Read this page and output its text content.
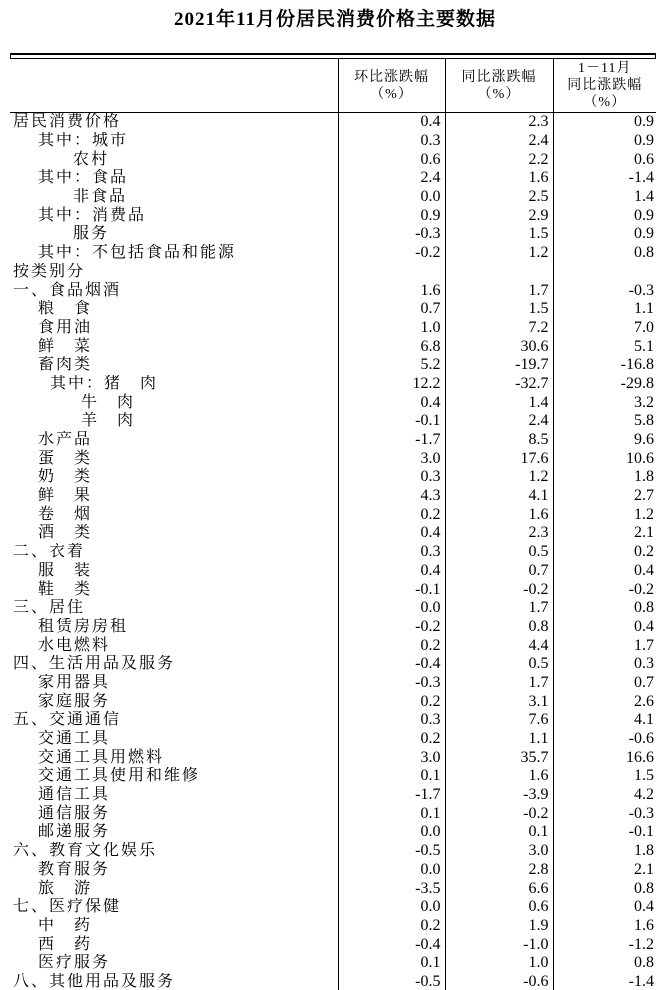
2021年11月份居民消费价格主要数据

环比涨跌幅
（%）

同比涨跌幅
（%）

1－11月
同比涨跌幅（%）

居民消费价格	0.4	2.3	0.9
其中：城市	0.3	2.4	0.9
农村	0.6	2.2	0.6
其中：食品	2.4	1.6	-1.4
非食品	0.0	2.5	1.4
其中：消费品	0.9	2.9	0.9
服务	-0.3	1.5	0.9
其中：不包括食品和能源	-0.2	1.2	0.8
按类别分			
一、食品烟酒	1.6	1.7	-0.3
粮　食	0.7	1.5	1.1
食用油	1.0	7.2	7.0
鲜　菜	6.8	30.6	5.1
畜肉类	5.2	-19.7	-16.8
其中：猪　肉	12.2	-32.7	-29.8
牛　肉	0.4	1.4	3.2
羊　肉	-0.1	2.4	5.8
水产品	-1.7	8.5	9.6
蛋　类	3.0	17.6	10.6
奶　类	0.3	1.2	1.8
鲜　果	4.3	4.1	2.7
卷　烟	0.2	1.6	1.2
酒　类	0.4	2.3	2.1
二、衣着	0.3	0.5	0.2
服　装	0.4	0.7	0.4
鞋　类	-0.1	-0.2	-0.2
三、居住	0.0	1.7	0.8
租赁房房租	-0.2	0.8	0.4
水电燃料	0.2	4.4	1.7
四、生活用品及服务	-0.4	0.5	0.3
家用器具	-0.3	1.7	0.7
家庭服务	0.2	3.1	2.6
五、交通通信	0.3	7.6	4.1
交通工具	0.2	1.1	-0.6
交通工具用燃料	3.0	35.7	16.6
交通工具使用和维修	0.1	1.6	1.5
通信工具	-1.7	-3.9	4.2
通信服务	0.1	-0.2	-0.3
邮递服务	0.0	0.1	-0.1
六、教育文化娱乐	-0.5	3.0	1.8
教育服务	0.0	2.8	2.1
旅　游	-3.5	6.6	0.8
七、医疗保健	0.0	0.6	0.4
中　药	0.2	1.9	1.6
西　药	-0.4	-1.0	-1.2
医疗服务	0.1	1.0	0.8
八、其他用品及服务	-0.5	-0.6	-1.4
